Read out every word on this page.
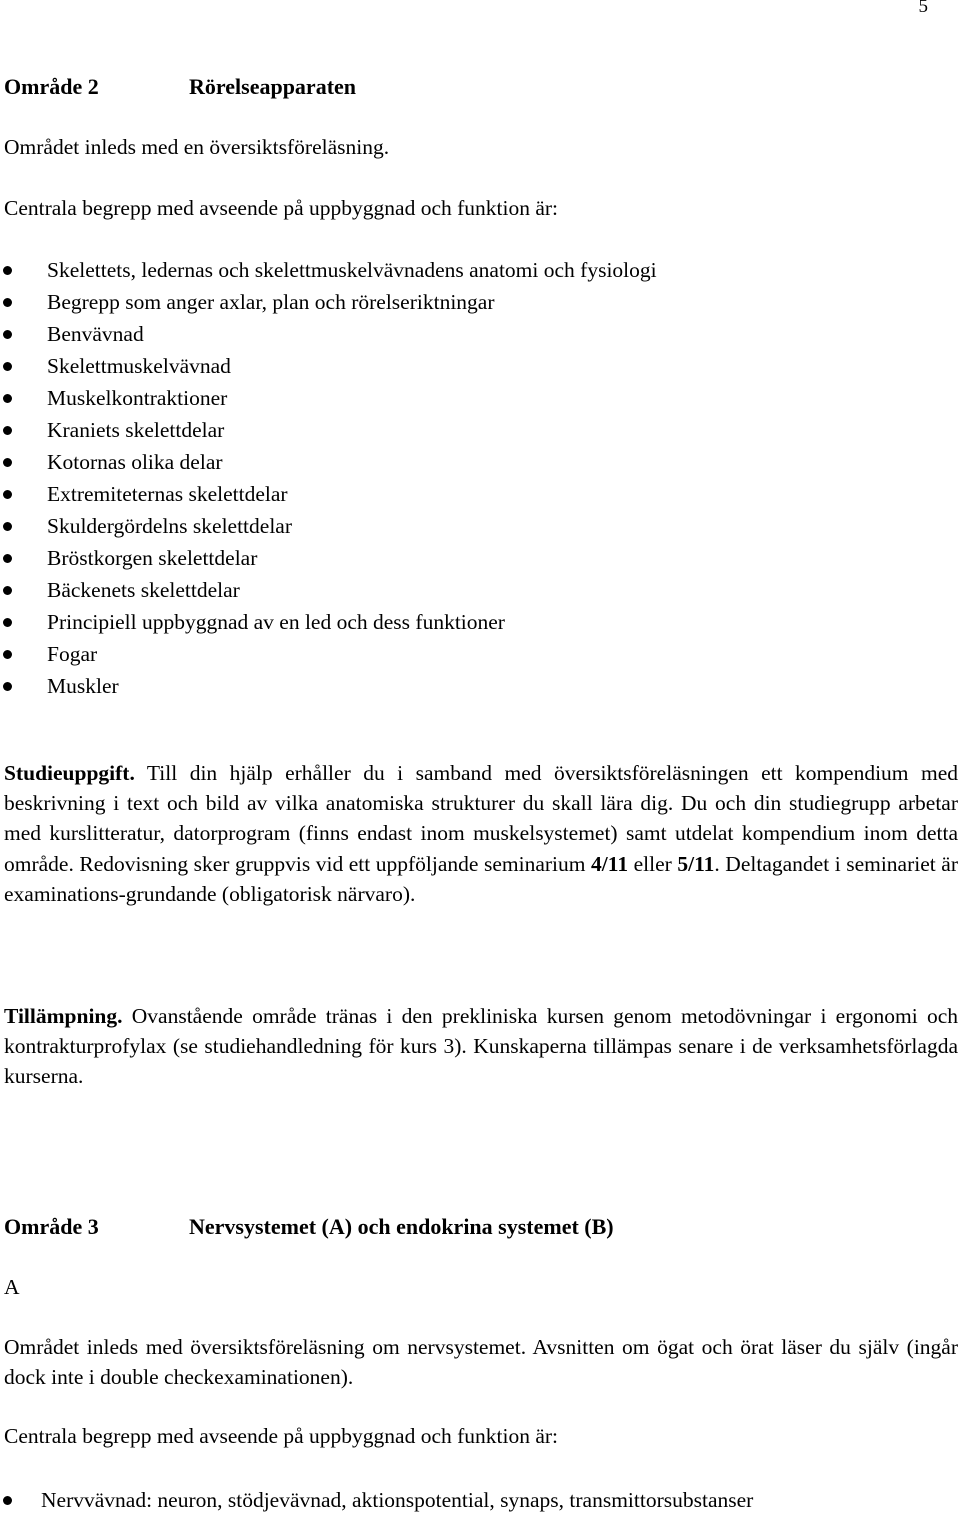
5
Område 2	Rörelseapparaten
Området inleds med en översiktsföreläsning.
Centrala begrepp med avseende på uppbyggnad och funktion är:
Skelettets, ledernas och skelettmuskelvävnadens anatomi och fysiologi
Begrepp som anger axlar, plan och rörelseriktningar
Benvävnad
Skelettmuskelvävnad
Muskelkontraktioner
Kraniets skelettdelar
Kotornas olika delar
Extremiteternas skelettdelar
Skuldergördelns skelettdelar
Bröstkorgen skelettdelar
Bäckenets skelettdelar
Principiell uppbyggnad av en led och dess funktioner
Fogar
Muskler
Studieuppgift. Till din hjälp erhåller du i samband med översiktsföreläsningen ett kompendium med beskrivning i text och bild av vilka anatomiska strukturer du skall lära dig. Du och din studiegrupp arbetar med kurslitteratur, datorprogram (finns endast inom muskelsystemet) samt utdelat kompendium inom detta område. Redovisning sker gruppvis vid ett uppföljande seminarium 4/11 eller 5/11. Deltagandet i seminariet är examinations-grundande (obligatorisk närvaro).
Tillämpning. Ovanstående område tränas i den prekliniska kursen genom metodövningar i ergonomi och kontrakturprofylax (se studiehandledning för kurs 3). Kunskaperna tillämpas senare i de verksamhetsförlagda kurserna.
Område 3	Nervsystemet (A) och endokrina systemet (B)
A
Området inleds med översiktsföreläsning om nervsystemet. Avsnitten om ögat och örat läser du själv (ingår dock inte i double checkexaminationen).
Centrala begrepp med avseende på uppbyggnad och funktion är:
Nervvävnad: neuron, stödjevävnad, aktionspotential, synaps, transmittorsubstanser
